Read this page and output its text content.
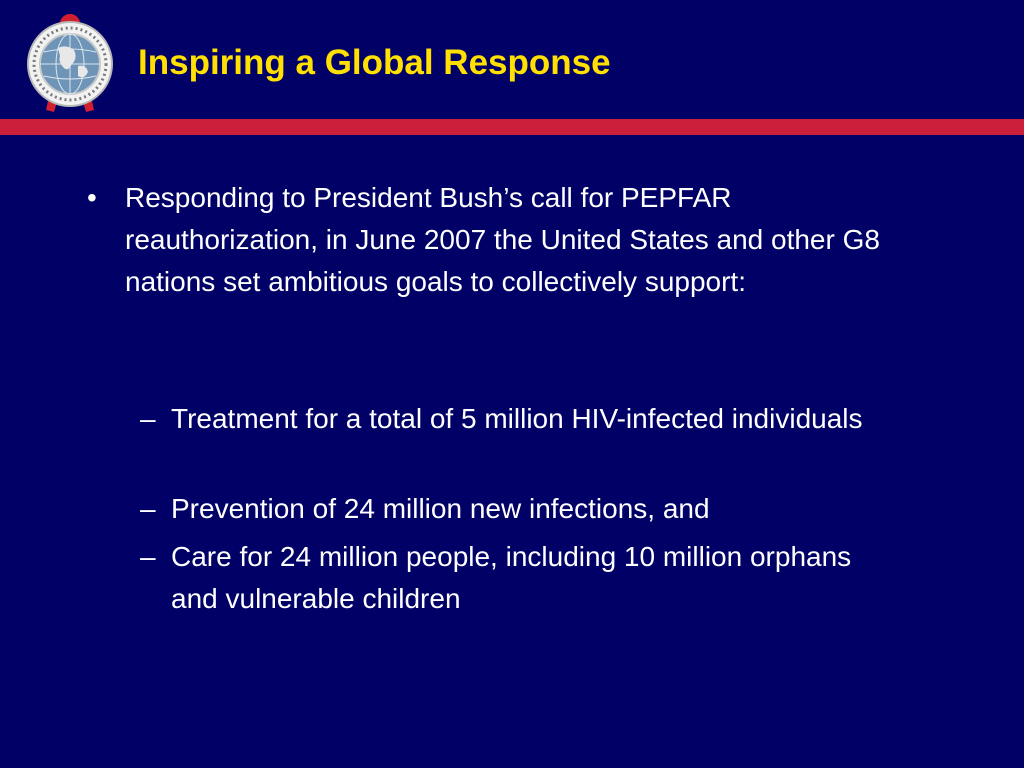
Inspiring a Global Response
• Responding to President Bush’s call for PEPFAR reauthorization, in June 2007 the United States and other G8 nations set ambitious goals to collectively support:
– Treatment for a total of 5 million HIV-infected individuals
– Prevention of 24 million new infections, and
– Care for 24 million people, including 10 million orphans and vulnerable children
